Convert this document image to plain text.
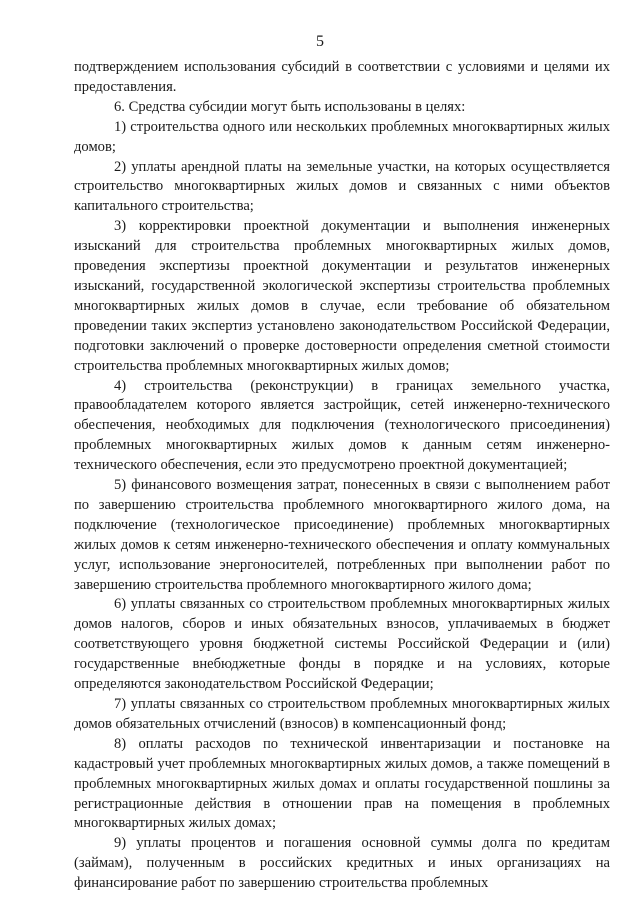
5

подтверждением использования субсидий в соответствии с условиями и целями их предоставления.

6. Средства субсидии могут быть использованы в целях:

1) строительства одного или нескольких проблемных многоквартирных жилых домов;

2) уплаты арендной платы на земельные участки, на которых осуществляется строительство многоквартирных жилых домов и связанных с ними объектов капитального строительства;

3) корректировки проектной документации и выполнения инженерных изысканий для строительства проблемных многоквартирных жилых домов, проведения экспертизы проектной документации и результатов инженерных изысканий, государственной экологической экспертизы строительства проблемных многоквартирных жилых домов в случае, если требование об обязательном проведении таких экспертиз установлено законодательством Российской Федерации, подготовки заключений о проверке достоверности определения сметной стоимости строительства проблемных многоквартирных жилых домов;

4) строительства (реконструкции) в границах земельного участка, правообладателем которого является застройщик, сетей инженерно-технического обеспечения, необходимых для подключения (технологического присоединения) проблемных многоквартирных жилых домов к данным сетям инженерно-технического обеспечения, если это предусмотрено проектной документацией;

5) финансового возмещения затрат, понесенных в связи с выполнением работ по завершению строительства проблемного многоквартирного жилого дома, на подключение (технологическое присоединение) проблемных многоквартирных жилых домов к сетям инженерно-технического обеспечения и оплату коммунальных услуг, использование энергоносителей, потребленных при выполнении работ по завершению строительства проблемного многоквартирного жилого дома;

6) уплаты связанных со строительством проблемных многоквартирных жилых домов налогов, сборов и иных обязательных взносов, уплачиваемых в бюджет соответствующего уровня бюджетной системы Российской Федерации и (или) государственные внебюджетные фонды в порядке и на условиях, которые определяются законодательством Российской Федерации;

7) уплаты связанных со строительством проблемных многоквартирных жилых домов обязательных отчислений (взносов) в компенсационный фонд;

8) оплаты расходов по технической инвентаризации и постановке на кадастровый учет проблемных многоквартирных жилых домов, а также помещений в проблемных многоквартирных жилых домах и оплаты государственной пошлины за регистрационные действия в отношении прав на помещения в проблемных многоквартирных жилых домах;

9) уплаты процентов и погашения основной суммы долга по кредитам (займам), полученным в российских кредитных и иных организациях на финансирование работ по завершению строительства проблемных
